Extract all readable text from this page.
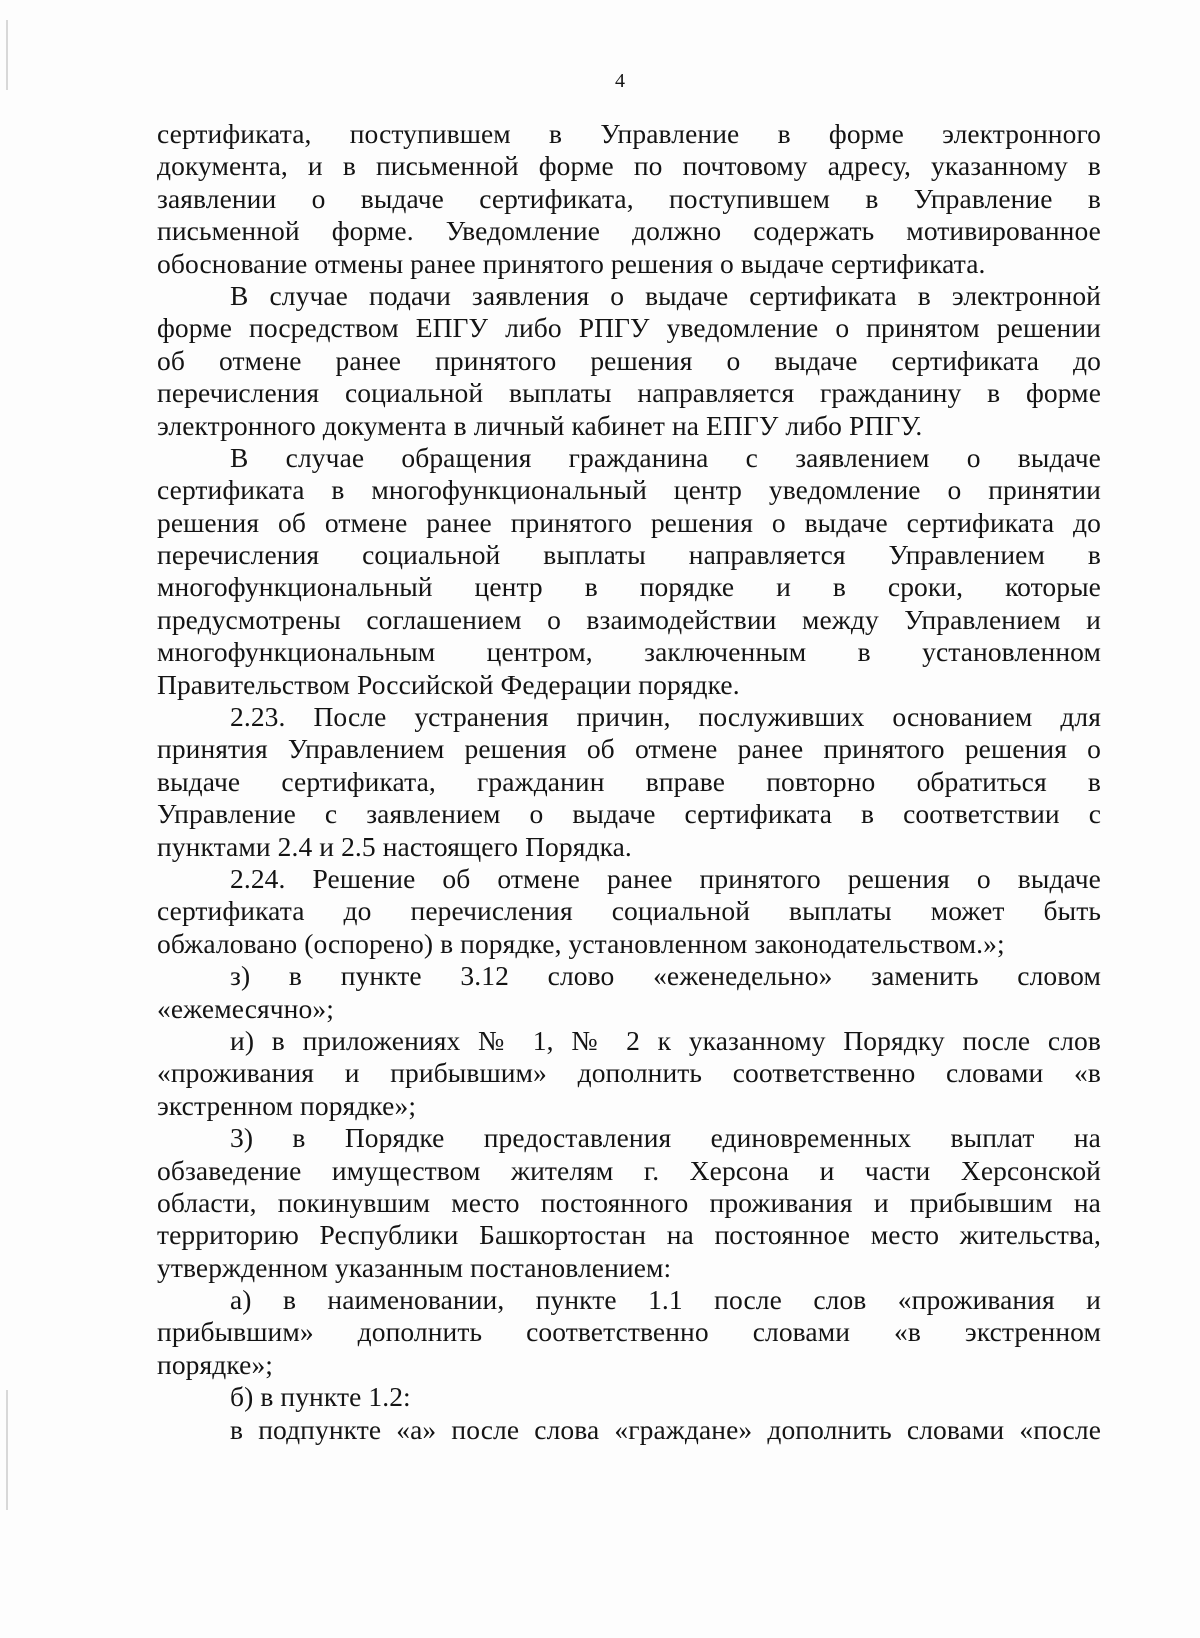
4
сертификата, поступившем в Управление в форме электронного
документа, и в письменной форме по почтовому адресу, указанному в
заявлении о выдаче сертификата, поступившем в Управление в
письменной форме. Уведомление должно содержать мотивированное
обоснование отмены ранее принятого решения о выдаче сертификата.
В случае подачи заявления о выдаче сертификата в электронной
форме посредством ЕПГУ либо РПГУ уведомление о принятом решении
об отмене ранее принятого решения о выдаче сертификата до
перечисления социальной выплаты направляется гражданину в форме
электронного документа в личный кабинет на ЕПГУ либо РПГУ.
В случае обращения гражданина с заявлением о выдаче
сертификата в многофункциональный центр уведомление о принятии
решения об отмене ранее принятого решения о выдаче сертификата до
перечисления социальной выплаты направляется Управлением в
многофункциональный центр в порядке и в сроки, которые
предусмотрены соглашением о взаимодействии между Управлением и
многофункциональным центром, заключенным в установленном
Правительством Российской Федерации порядке.
2.23. После устранения причин, послуживших основанием для
принятия Управлением решения об отмене ранее принятого решения о
выдаче сертификата, гражданин вправе повторно обратиться в
Управление с заявлением о выдаче сертификата в соответствии с
пунктами 2.4 и 2.5 настоящего Порядка.
2.24. Решение об отмене ранее принятого решения о выдаче
сертификата до перечисления социальной выплаты может быть
обжаловано (оспорено) в порядке, установленном законодательством.»;
з) в пункте 3.12 слово «еженедельно» заменить словом
«ежемесячно»;
и) в приложениях № 1, № 2 к указанному Порядку после слов
«проживания и прибывшим» дополнить соответственно словами «в
экстренном порядке»;
3) в Порядке предоставления единовременных выплат на
обзаведение имуществом жителям г. Херсона и части Херсонской
области, покинувшим место постоянного проживания и прибывшим на
территорию Республики Башкортостан на постоянное место жительства,
утвержденном указанным постановлением:
а) в наименовании, пункте 1.1 после слов «проживания и
прибывшим» дополнить соответственно словами «в экстренном
порядке»;
б) в пункте 1.2:
в подпункте «а» после слова «граждане» дополнить словами «после
